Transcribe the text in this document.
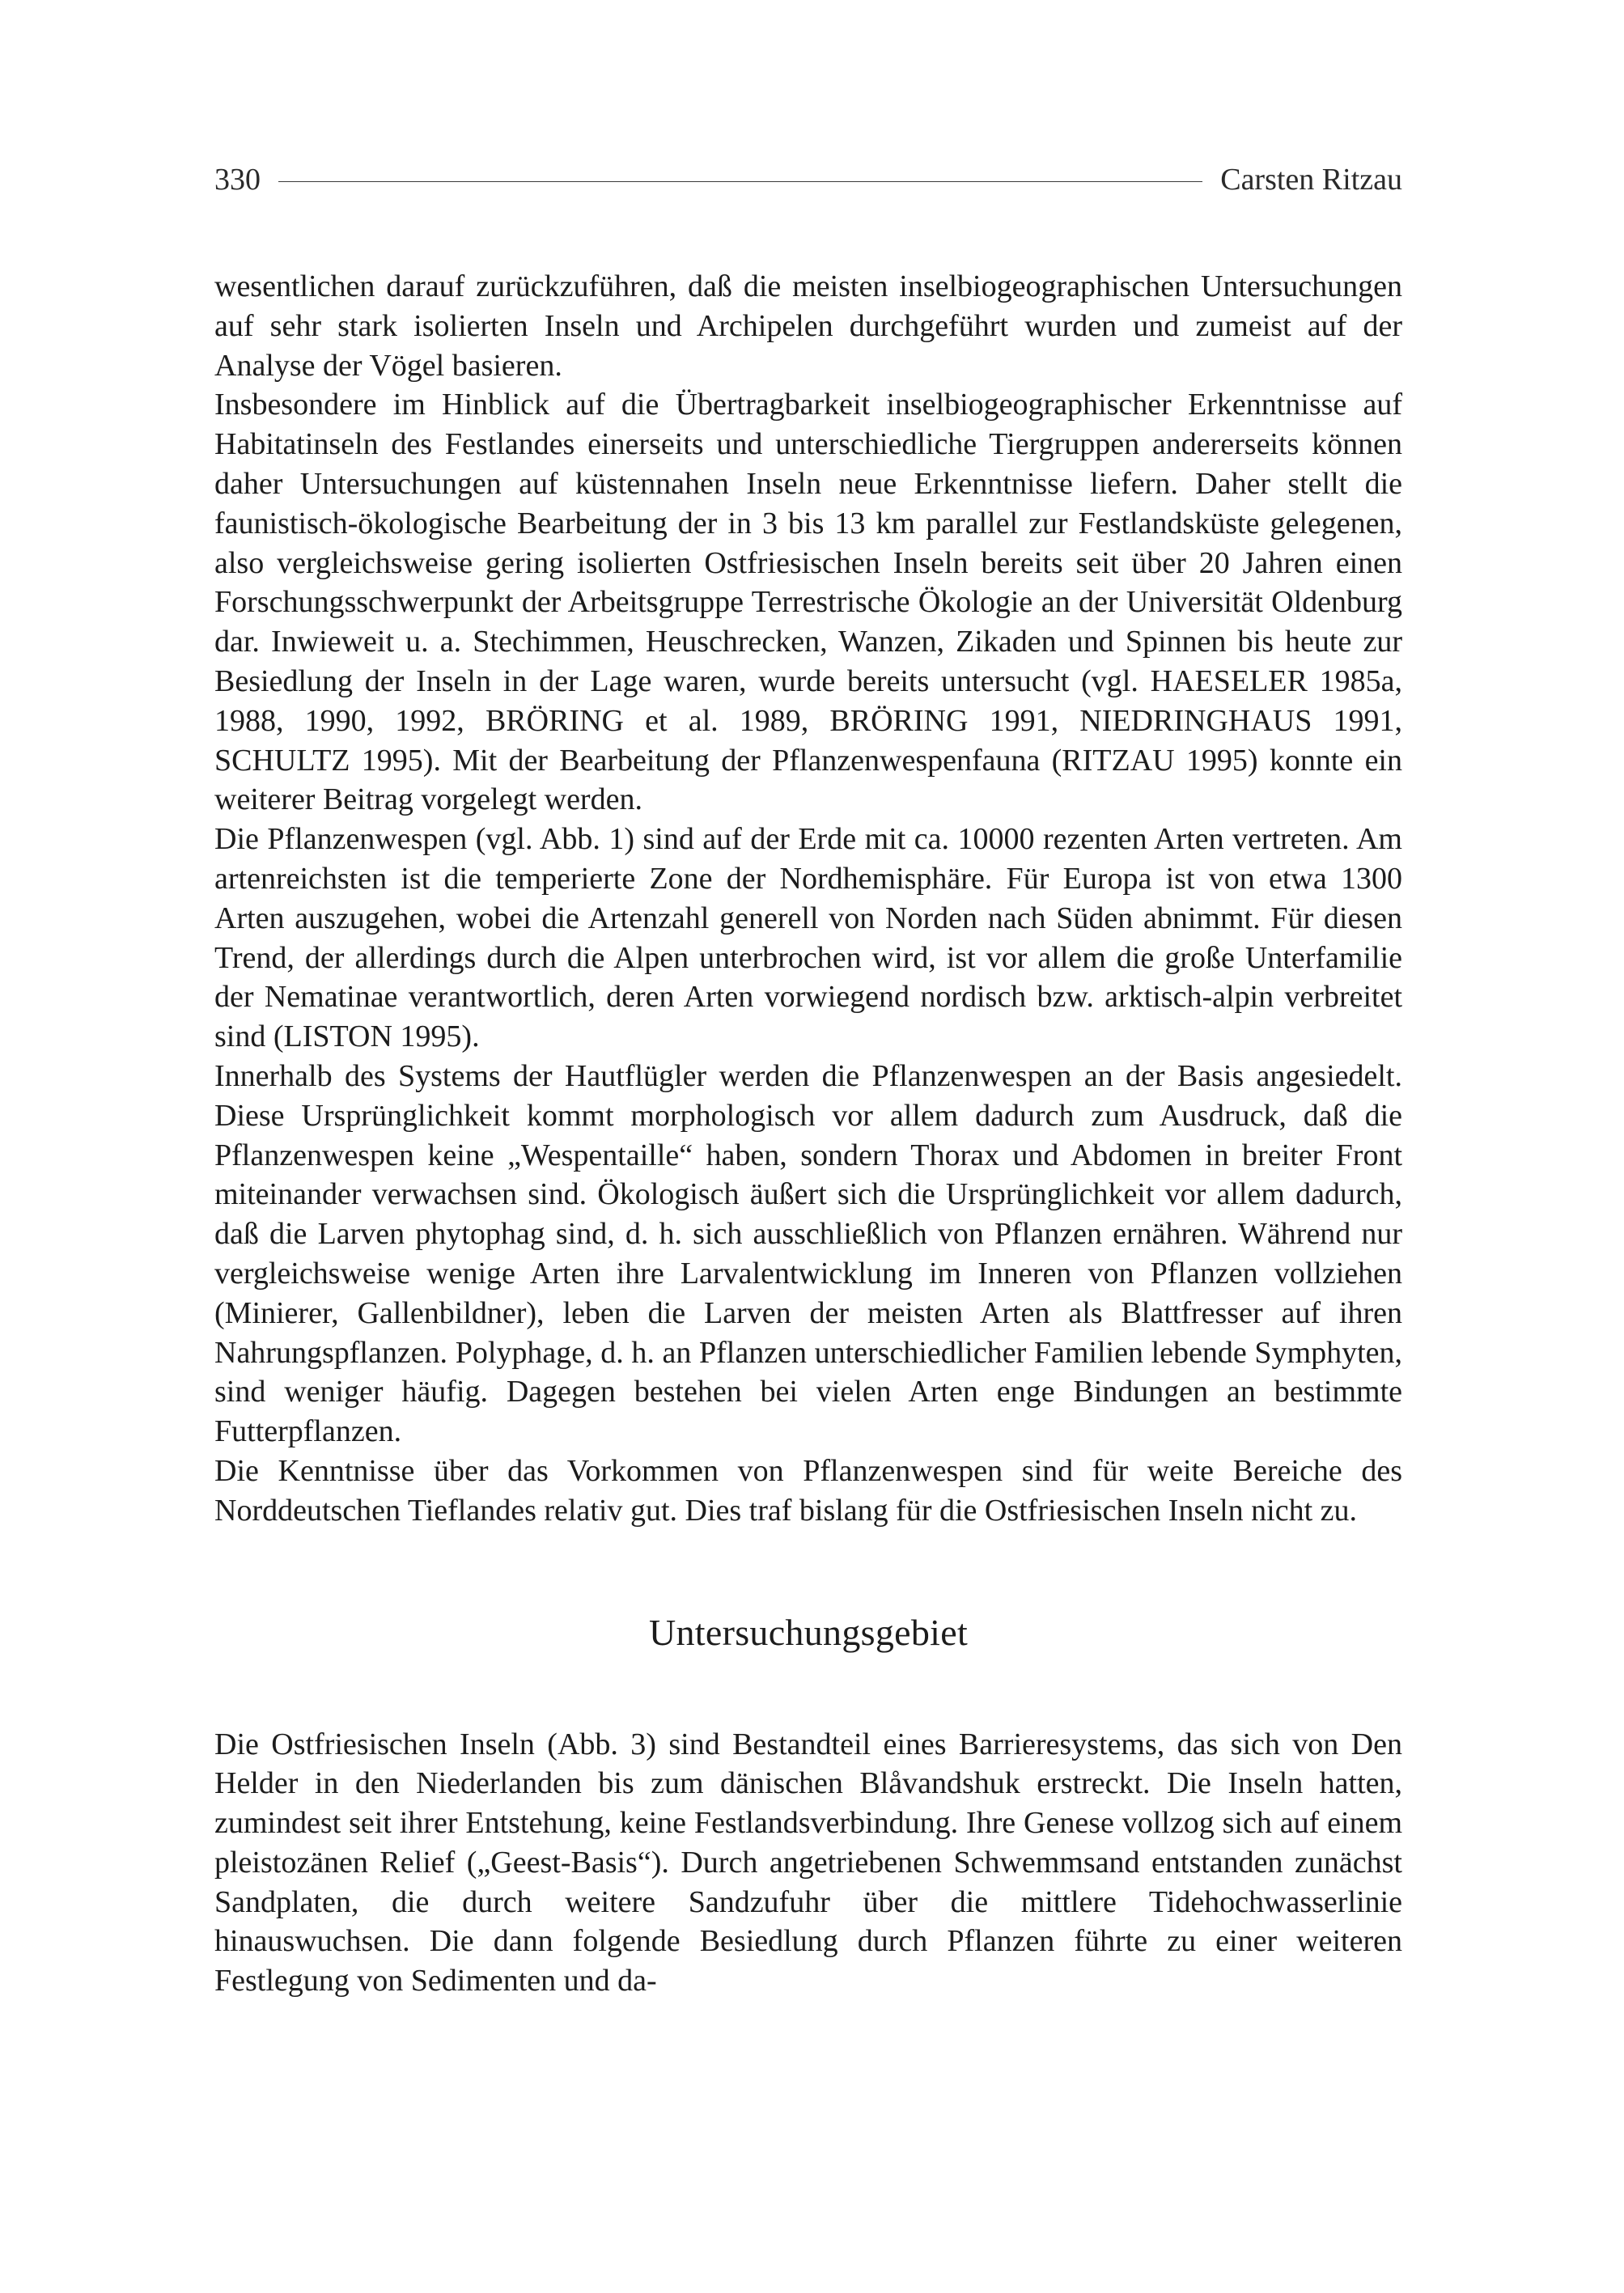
330	Carsten Ritzau

wesentlichen darauf zurückzuführen, daß die meisten inselbiogeographischen Untersuchungen auf sehr stark isolierten Inseln und Archipelen durchgeführt wurden und zumeist auf der Analyse der Vögel basieren.

Insbesondere im Hinblick auf die Übertragbarkeit inselbiogeographischer Erkenntnisse auf Habitatinseln des Festlandes einerseits und unterschiedliche Tiergruppen andererseits können daher Untersuchungen auf küstennahen Inseln neue Erkenntnisse liefern. Daher stellt die faunistisch-ökologische Bearbeitung der in 3 bis 13 km parallel zur Festlandsküste gelegenen, also vergleichsweise gering isolierten Ostfriesischen Inseln bereits seit über 20 Jahren einen Forschungsschwerpunkt der Arbeitsgruppe Terrestrische Ökologie an der Universität Oldenburg dar. Inwieweit u. a. Stechimmen, Heuschrecken, Wanzen, Zikaden und Spinnen bis heute zur Besiedlung der Inseln in der Lage waren, wurde bereits untersucht (vgl. HAESELER 1985a, 1988, 1990, 1992, BRÖRING et al. 1989, BRÖRING 1991, NIEDRINGHAUS 1991, SCHULTZ 1995). Mit der Bearbeitung der Pflanzenwespenfauna (RITZAU 1995) konnte ein weiterer Beitrag vorgelegt werden.

Die Pflanzenwespen (vgl. Abb. 1) sind auf der Erde mit ca. 10000 rezenten Arten vertreten. Am artenreichsten ist die temperierte Zone der Nordhemisphäre. Für Europa ist von etwa 1300 Arten auszugehen, wobei die Artenzahl generell von Norden nach Süden abnimmt. Für diesen Trend, der allerdings durch die Alpen unterbrochen wird, ist vor allem die große Unterfamilie der Nematinae verantwortlich, deren Arten vorwiegend nordisch bzw. arktisch-alpin verbreitet sind (LISTON 1995).

Innerhalb des Systems der Hautflügler werden die Pflanzenwespen an der Basis angesiedelt. Diese Ursprünglichkeit kommt morphologisch vor allem dadurch zum Ausdruck, daß die Pflanzenwespen keine „Wespentaille“ haben, sondern Thorax und Abdomen in breiter Front miteinander verwachsen sind. Ökologisch äußert sich die Ursprünglichkeit vor allem dadurch, daß die Larven phytophag sind, d. h. sich ausschließlich von Pflanzen ernähren. Während nur vergleichsweise wenige Arten ihre Larvalentwicklung im Inneren von Pflanzen vollziehen (Minierer, Gallenbildner), leben die Larven der meisten Arten als Blattfresser auf ihren Nahrungspflanzen. Polyphage, d. h. an Pflanzen unterschiedlicher Familien lebende Symphyten, sind weniger häufig. Dagegen bestehen bei vielen Arten enge Bindungen an bestimmte Futterpflanzen.

Die Kenntnisse über das Vorkommen von Pflanzenwespen sind für weite Bereiche des Norddeutschen Tieflandes relativ gut. Dies traf bislang für die Ostfriesischen Inseln nicht zu.

Untersuchungsgebiet

Die Ostfriesischen Inseln (Abb. 3) sind Bestandteil eines Barrieresystems, das sich von Den Helder in den Niederlanden bis zum dänischen Blåvandshuk erstreckt. Die Inseln hatten, zumindest seit ihrer Entstehung, keine Festlandsverbindung. Ihre Genese vollzog sich auf einem pleistozänen Relief („Geest-Basis“). Durch angetriebenen Schwemmsand entstanden zunächst Sandplaten, die durch weitere Sandzufuhr über die mittlere Tidehochwasserlinie hinauswuchsen. Die dann folgende Besiedlung durch Pflanzen führte zu einer weiteren Festlegung von Sedimenten und da-
